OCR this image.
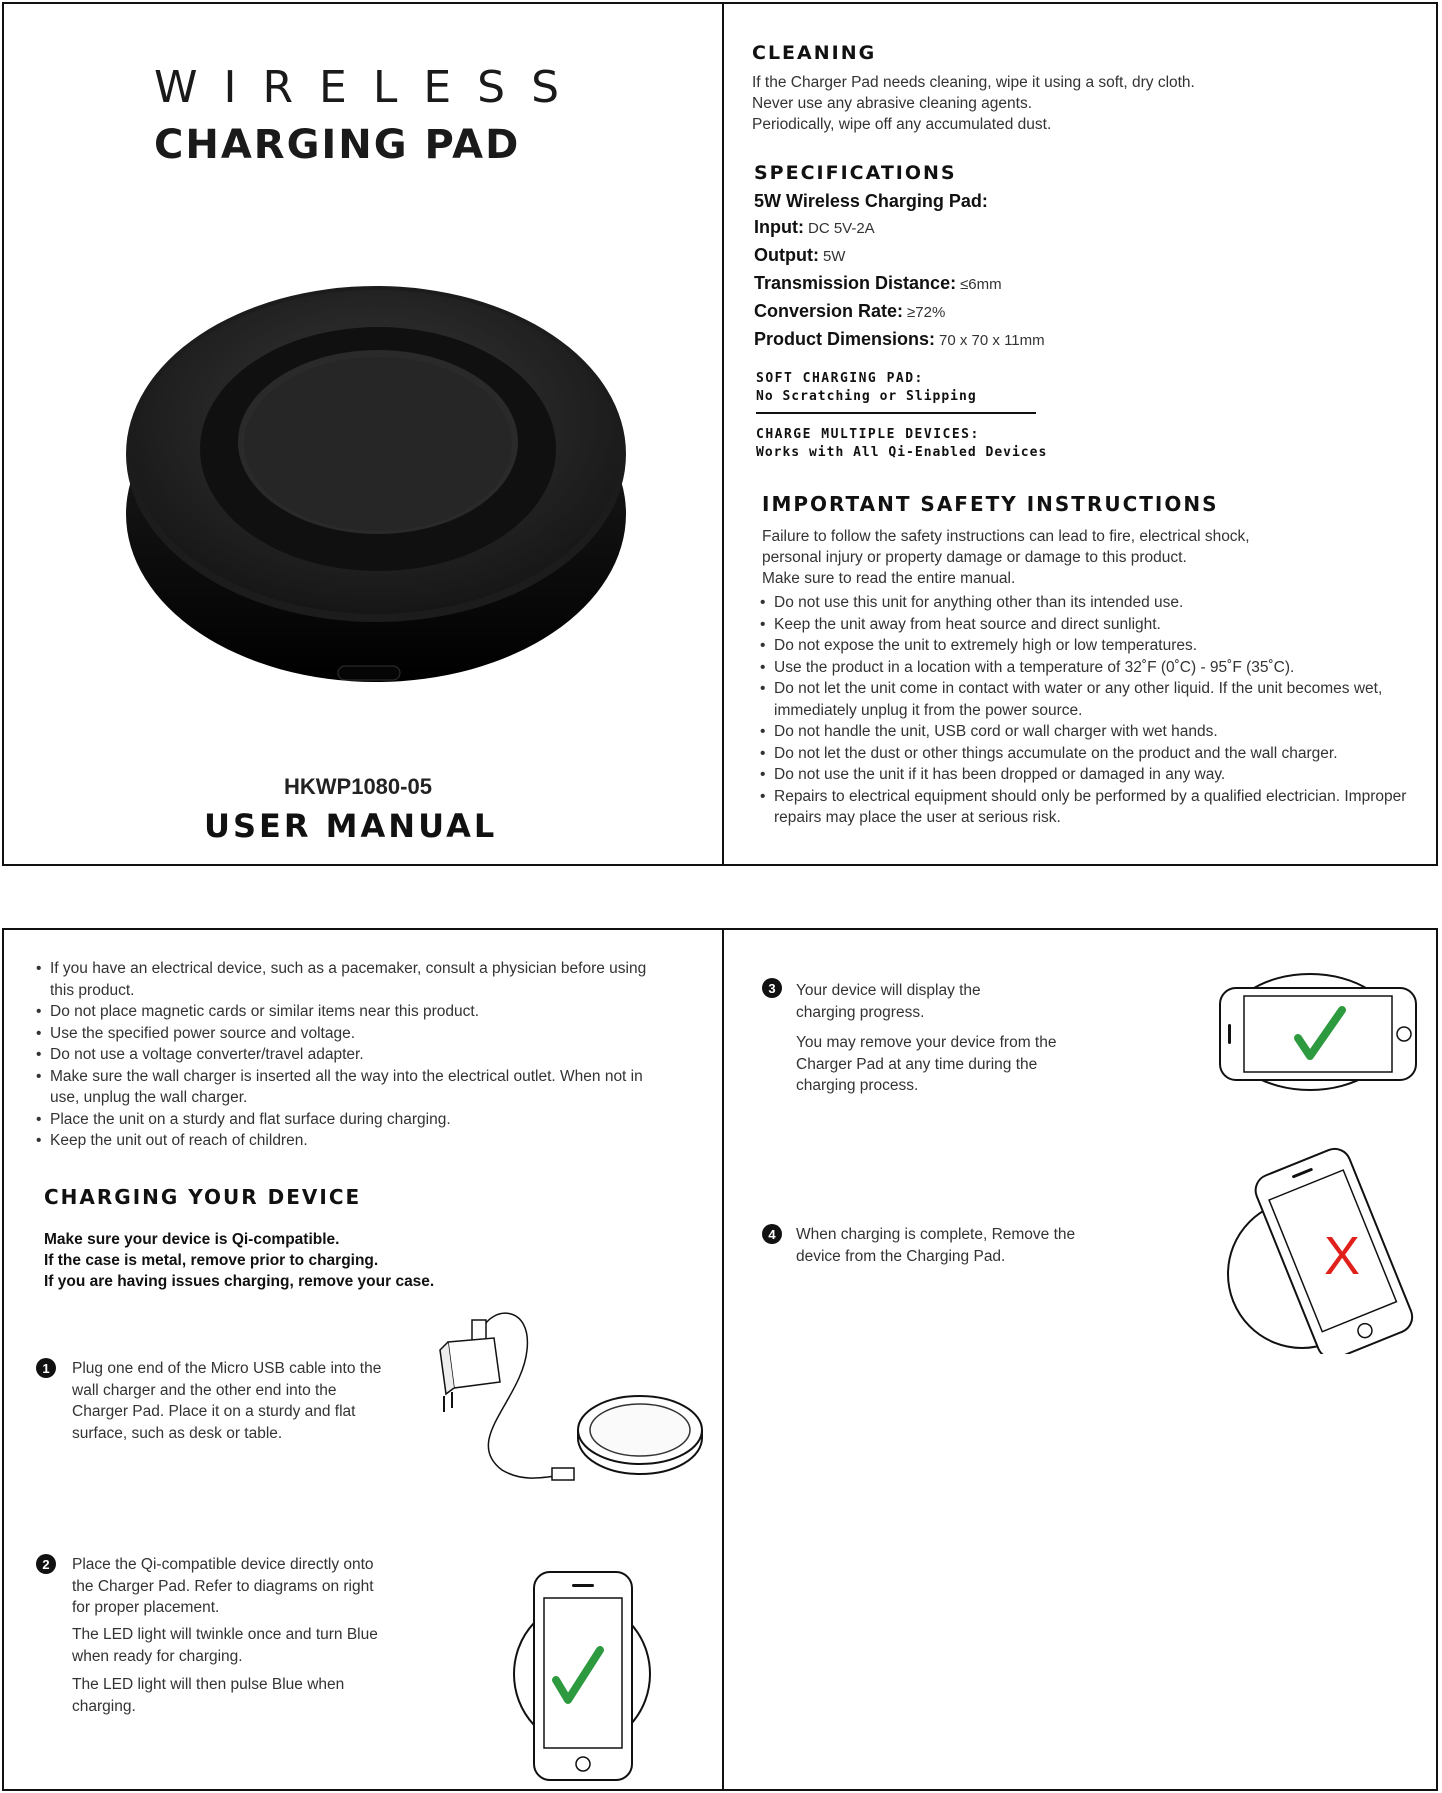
WIRELESS
CHARGING PAD
HKWP1080-05
USER MANUAL
CLEANING
If the Charger Pad needs cleaning, wipe it using a soft, dry cloth.
Never use any abrasive cleaning agents.
Periodically, wipe off any accumulated dust.
SPECIFICATIONS
5W Wireless Charging Pad:
Input: DC 5V-2A
Output: 5W
Transmission Distance: ≤6mm
Conversion Rate: ≥72%
Product Dimensions: 70 x 70 x 11mm
SOFT CHARGING PAD:
No Scratching or Slipping
CHARGE MULTIPLE DEVICES:
Works with All Qi-Enabled Devices
IMPORTANT SAFETY INSTRUCTIONS
Failure to follow the safety instructions can lead to fire, electrical shock,
personal injury or property damage or damage to this product.
Make sure to read the entire manual.
• Do not use this unit for anything other than its intended use.
• Keep the unit away from heat source and direct sunlight.
• Do not expose the unit to extremely high or low temperatures.
• Use the product in a location with a temperature of 32˚F (0˚C) - 95˚F (35˚C).
• Do not let the unit come in contact with water or any other liquid. If the unit becomes wet, immediately unplug it from the power source.
• Do not handle the unit, USB cord or wall charger with wet hands.
• Do not let the dust or other things accumulate on the product and the wall charger.
• Do not use the unit if it has been dropped or damaged in any way.
• Repairs to electrical equipment should only be performed by a qualified electrician. Improper repairs may place the user at serious risk.
• If you have an electrical device, such as a pacemaker, consult a physician before using this product.
• Do not place magnetic cards or similar items near this product.
• Use the specified power source and voltage.
• Do not use a voltage converter/travel adapter.
• Make sure the wall charger is inserted all the way into the electrical outlet. When not in use, unplug the wall charger.
• Place the unit on a sturdy and flat surface during charging.
• Keep the unit out of reach of children.
CHARGING YOUR DEVICE
Make sure your device is Qi-compatible.
If the case is metal, remove prior to charging.
If you are having issues charging, remove your case.
1	Plug one end of the Micro USB cable into the wall charger and the other end into the Charger Pad. Place it on a sturdy and flat surface, such as desk or table.
2	Place the Qi-compatible device directly onto the Charger Pad. Refer to diagrams on right for proper placement.
The LED light will twinkle once and turn Blue when ready for charging.
The LED light will then pulse Blue when charging.
3	Your device will display the charging progress.
You may remove your device from the Charger Pad at any time during the charging process.
4	When charging is complete, Remove the device from the Charging Pad.	X
